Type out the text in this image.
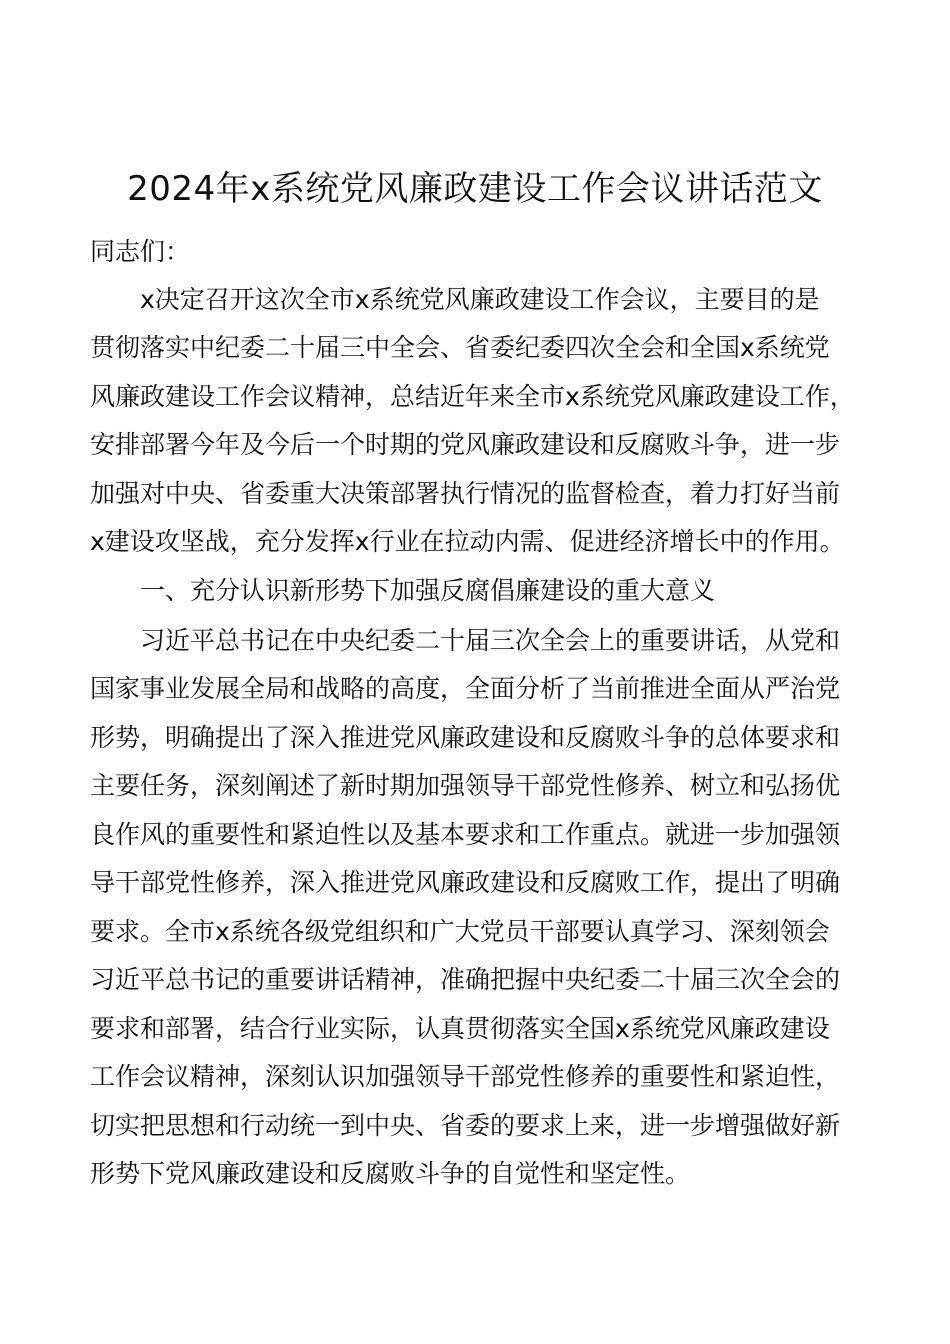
2024年x系统党风廉政建设工作会议讲话范文
同志们：
x决定召开这次全市x系统党风廉政建设工作会议，主要目的是
贯彻落实中纪委二十届三中全会、省委纪委四次全会和全国x系统党
风廉政建设工作会议精神，总结近年来全市x系统党风廉政建设工作，
安排部署今年及今后一个时期的党风廉政建设和反腐败斗争，进一步
加强对中央、省委重大决策部署执行情况的监督检查，着力打好当前
x建设攻坚战，充分发挥x行业在拉动内需、促进经济增长中的作用。
一、充分认识新形势下加强反腐倡廉建设的重大意义
习近平总书记在中央纪委二十届三次全会上的重要讲话，从党和
国家事业发展全局和战略的高度，全面分析了当前推进全面从严治党
形势，明确提出了深入推进党风廉政建设和反腐败斗争的总体要求和
主要任务，深刻阐述了新时期加强领导干部党性修养、树立和弘扬优
良作风的重要性和紧迫性以及基本要求和工作重点。就进一步加强领
导干部党性修养，深入推进党风廉政建设和反腐败工作，提出了明确
要求。全市x系统各级党组织和广大党员干部要认真学习、深刻领会
习近平总书记的重要讲话精神，准确把握中央纪委二十届三次全会的
要求和部署，结合行业实际，认真贯彻落实全国x系统党风廉政建设
工作会议精神，深刻认识加强领导干部党性修养的重要性和紧迫性，
切实把思想和行动统一到中央、省委的要求上来，进一步增强做好新
形势下党风廉政建设和反腐败斗争的自觉性和坚定性。
